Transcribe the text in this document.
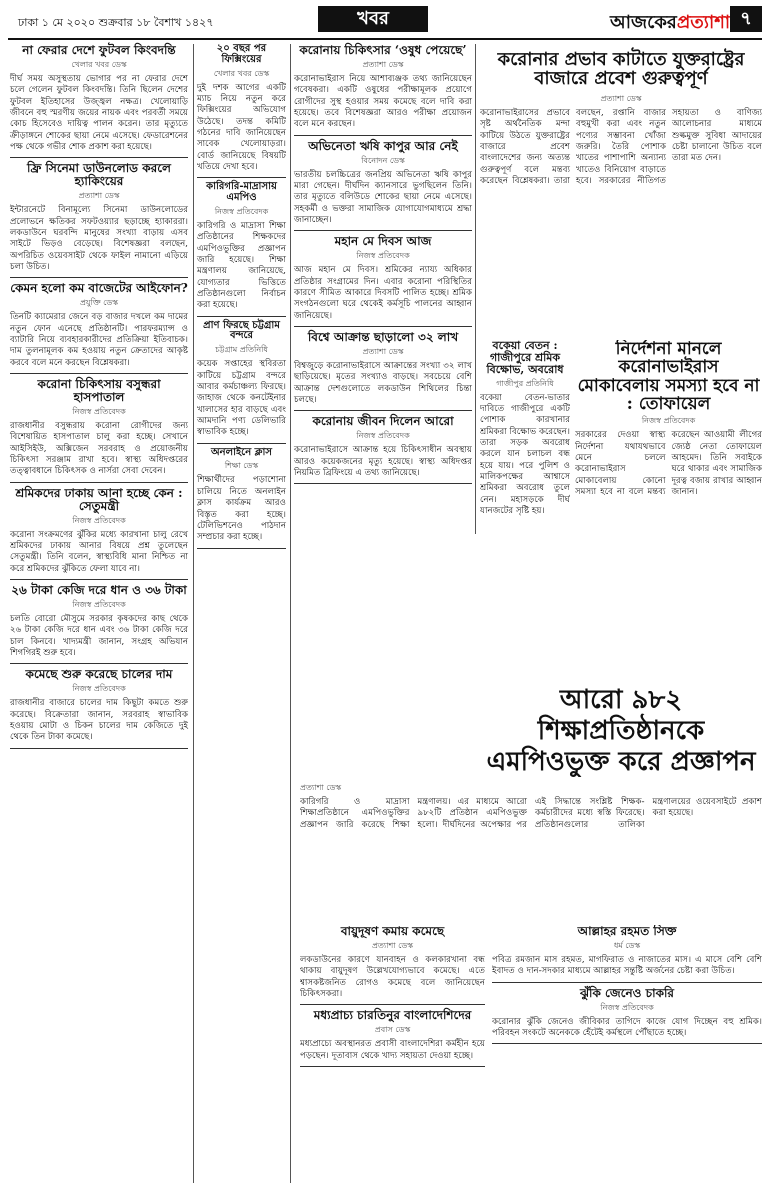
ঢাকা ১ মে ২০২০ শুক্রবার ১৮ বৈশাখ ১৪২৭	খবর	আজকেরপ্রত্যাশা ৭
না ফেরার দেশে ফুটবল কিংবদন্তি
খেলার খবর ডেস্ক
দীর্ঘ সময় অসুস্থতায় ভোগার পর না ফেরার দেশে চলে গেলেন ফুটবল কিংবদন্তি। তিনি ছিলেন দেশের ফুটবল ইতিহাসের উজ্জ্বল নক্ষত্র। খেলোয়াড়ি জীবনে বহু স্মরণীয় জয়ের নায়ক এবং পরবর্তী সময়ে কোচ হিসেবেও দায়িত্ব পালন করেন। তার মৃত্যুতে ক্রীড়াঙ্গনে শোকের ছায়া নেমে এসেছে। ফেডারেশনের পক্ষ থেকে গভীর শোক প্রকাশ করা হয়েছে।
ফ্রি সিনেমা ডাউনলোড করলে হ্যাকিংয়ের
প্রত্যাশা ডেস্ক
ইন্টারনেটে বিনামূল্যে সিনেমা ডাউনলোডের প্রলোভনে ক্ষতিকর সফটওয়্যার ছড়াচ্ছে হ্যাকাররা। লকডাউনে ঘরবন্দি মানুষের সংখ্যা বাড়ায় এসব সাইটে ভিড়ও বেড়েছে। বিশেষজ্ঞরা বলছেন, অপরিচিত ওয়েবসাইট থেকে ফাইল নামানো এড়িয়ে চলা উচিত।
কেমন হলো কম বাজেটের আইফোন?
প্রযুক্তি ডেস্ক
তিনটি ক্যামেরার জেনে বড় বাজার দখলে কম দামের নতুন ফোন এনেছে প্রতিষ্ঠানটি। পারফরম্যান্স ও ব্যাটারি নিয়ে ব্যবহারকারীদের প্রতিক্রিয়া ইতিবাচক। দাম তুলনামূলক কম হওয়ায় নতুন ক্রেতাদের আকৃষ্ট করবে বলে মনে করছেন বিশ্লেষকরা।
করোনা চিকিৎসায় বসুন্ধরা হাসপাতাল
নিজস্ব প্রতিবেদক
রাজধানীর বসুন্ধরায় করোনা রোগীদের জন্য বিশেষায়িত হাসপাতাল চালু করা হচ্ছে। সেখানে আইসিইউ, অক্সিজেন সরবরাহ ও প্রয়োজনীয় চিকিৎসা সরঞ্জাম রাখা হবে। স্বাস্থ্য অধিদপ্তরের তত্ত্বাবধানে চিকিৎসক ও নার্সরা সেবা দেবেন।
শ্রমিকদের ঢাকায় আনা হচ্ছে কেন : সেতুমন্ত্রী
নিজস্ব প্রতিবেদক
করোনা সংক্রমণের ঝুঁকির মধ্যে কারখানা চালু রেখে শ্রমিকদের ঢাকায় আনার বিষয়ে প্রশ্ন তুলেছেন সেতুমন্ত্রী। তিনি বলেন, স্বাস্থ্যবিধি মানা নিশ্চিত না করে শ্রমিকদের ঝুঁকিতে ফেলা যাবে না।
২৬ টাকা কেজি দরে ধান ও ৩৬ টাকা
নিজস্ব প্রতিবেদক
চলতি বোরো মৌসুমে সরকার কৃষকদের কাছ থেকে ২৬ টাকা কেজি দরে ধান এবং ৩৬ টাকা কেজি দরে চাল কিনবে। খাদ্যমন্ত্রী জানান, সংগ্রহ অভিযান শিগগিরই শুরু হবে।
কমেছে শুরু করেছে চালের দাম
নিজস্ব প্রতিবেদক
রাজধানীর বাজারে চালের দাম কিছুটা কমতে শুরু করেছে। বিক্রেতারা জানান, সরবরাহ স্বাভাবিক হওয়ায় মোটা ও চিকন চালের দাম কেজিতে দুই থেকে তিন টাকা কমেছে।
২০ বছর পর ফিক্সিংয়ের
খেলার খবর ডেস্ক
দুই দশক আগের একটি ম্যাচ নিয়ে নতুন করে ফিক্সিংয়ের অভিযোগ উঠেছে। তদন্ত কমিটি গঠনের দাবি জানিয়েছেন সাবেক খেলোয়াড়রা। বোর্ড জানিয়েছে বিষয়টি খতিয়ে দেখা হবে।
কারিগরি-মাদ্রাসায় এমপিও
নিজস্ব প্রতিবেদক
কারিগরি ও মাদ্রাসা শিক্ষা প্রতিষ্ঠানের শিক্ষকদের এমপিওভুক্তির প্রজ্ঞাপন জারি হয়েছে। শিক্ষা মন্ত্রণালয় জানিয়েছে, যোগ্যতার ভিত্তিতে প্রতিষ্ঠানগুলো নির্বাচন করা হয়েছে।
প্রাণ ফিরছে চট্টগ্রাম বন্দরে
চট্টগ্রাম প্রতিনিধি
কয়েক সপ্তাহের স্থবিরতা কাটিয়ে চট্টগ্রাম বন্দরে আবার কর্মচাঞ্চল্য ফিরছে। জাহাজ থেকে কনটেইনার খালাসের হার বাড়ছে এবং আমদানি পণ্য ডেলিভারি স্বাভাবিক হচ্ছে।
অনলাইনে ক্লাস
শিক্ষা ডেস্ক
শিক্ষার্থীদের পড়াশোনা চালিয়ে নিতে অনলাইন ক্লাস কার্যক্রম আরও বিস্তৃত করা হচ্ছে। টেলিভিশনেও পাঠদান সম্প্রচার করা হচ্ছে।
করোনায় চিকিৎসার ‘ওষুধ পেয়েছে’
প্রত্যাশা ডেস্ক
করোনাভাইরাস নিয়ে আশাব্যঞ্জক তথ্য জানিয়েছেন গবেষকরা। একটি ওষুধের পরীক্ষামূলক প্রয়োগে রোগীদের সুস্থ হওয়ার সময় কমেছে বলে দাবি করা হয়েছে। তবে বিশেষজ্ঞরা আরও পরীক্ষা প্রয়োজন বলে মনে করছেন।
অভিনেতা ঋষি কাপুর আর নেই
বিনোদন ডেস্ক
ভারতীয় চলচ্চিত্রের জনপ্রিয় অভিনেতা ঋষি কাপুর মারা গেছেন। দীর্ঘদিন ক্যানসারে ভুগছিলেন তিনি। তার মৃত্যুতে বলিউডে শোকের ছায়া নেমে এসেছে। সহকর্মী ও ভক্তরা সামাজিক যোগাযোগমাধ্যমে শ্রদ্ধা জানাচ্ছেন।
মহান মে দিবস আজ
নিজস্ব প্রতিবেদক
আজ মহান মে দিবস। শ্রমিকের ন্যায্য অধিকার প্রতিষ্ঠার সংগ্রামের দিন। এবার করোনা পরিস্থিতির কারণে সীমিত আকারে দিবসটি পালিত হচ্ছে। শ্রমিক সংগঠনগুলো ঘরে থেকেই কর্মসূচি পালনের আহ্বান জানিয়েছে।
বিশ্বে আক্রান্ত ছাড়ালো ৩২ লাখ
প্রত্যাশা ডেস্ক
বিশ্বজুড়ে করোনাভাইরাসে আক্রান্তের সংখ্যা ৩২ লাখ ছাড়িয়েছে। মৃতের সংখ্যাও বাড়ছে। সবচেয়ে বেশি আক্রান্ত দেশগুলোতে লকডাউন শিথিলের চিন্তা চলছে।
করোনায় জীবন দিলেন আরো
নিজস্ব প্রতিবেদক
করোনাভাইরাসে আক্রান্ত হয়ে চিকিৎসাধীন অবস্থায় আরও কয়েকজনের মৃত্যু হয়েছে। স্বাস্থ্য অধিদপ্তর নিয়মিত ব্রিফিংয়ে এ তথ্য জানিয়েছে।
করোনার প্রভাব কাটাতে যুক্তরাষ্ট্রের বাজারে প্রবেশ গুরুত্বপূর্ণ
প্রত্যাশা ডেস্ক

করোনাভাইরাসের প্রভাবে সৃষ্ট অর্থনৈতিক মন্দা কাটিয়ে উঠতে যুক্তরাষ্ট্রের বাজারে প্রবেশ বাংলাদেশের জন্য অত্যন্ত গুরুত্বপূর্ণ বলে মন্তব্য করেছেন বিশ্লেষকরা। তারা বলছেন, রপ্তানি বাজার বহুমুখী করা এবং নতুন পণ্যের সম্ভাবনা খোঁজা জরুরি। তৈরি পোশাক খাতের পাশাপাশি অন্যান্য খাতেও বিনিয়োগ বাড়াতে হবে। সরকারের নীতিগত সহায়তা ও বাণিজ্য আলোচনার মাধ্যমে শুল্কমুক্ত সুবিধা আদায়ের চেষ্টা চালানো উচিত বলে তারা মত দেন।

বকেয়া বেতন : গাজীপুরে শ্রমিক বিক্ষোভ, অবরোধ
গাজীপুর প্রতিনিধি

বকেয়া বেতন-ভাতার দাবিতে গাজীপুরে একটি পোশাক কারখানার শ্রমিকরা বিক্ষোভ করেছেন। তারা সড়ক অবরোধ করলে যান চলাচল বন্ধ হয়ে যায়। পরে পুলিশ ও মালিকপক্ষের আশ্বাসে শ্রমিকরা অবরোধ তুলে নেন। মহাসড়কে দীর্ঘ যানজটের সৃষ্টি হয়।

নির্দেশনা মানলে করোনাভাইরাস মোকাবেলায় সমস্যা হবে না : তোফায়েল
নিজস্ব প্রতিবেদক

সরকারের দেওয়া স্বাস্থ্য নির্দেশনা যথাযথভাবে মেনে চললে করোনাভাইরাস মোকাবেলায় কোনো সমস্যা হবে না বলে মন্তব্য করেছেন আওয়ামী লীগের জ্যেষ্ঠ নেতা তোফায়েল আহমেদ। তিনি সবাইকে ঘরে থাকার এবং সামাজিক দূরত্ব বজায় রাখার আহ্বান জানান।

আরো ৯৮২ শিক্ষাপ্রতিষ্ঠানকে এমপিওভুক্ত করে প্রজ্ঞাপন
প্রত্যাশা ডেস্ক

কারিগরি ও মাদ্রাসা শিক্ষাপ্রতিষ্ঠানে এমপিওভুক্তির প্রজ্ঞাপন জারি করেছে শিক্ষা মন্ত্রণালয়। এর মাধ্যমে আরো ৯৮২টি প্রতিষ্ঠান এমপিওভুক্ত হলো। দীর্ঘদিনের অপেক্ষার পর এই সিদ্ধান্তে সংশ্লিষ্ট শিক্ষক-কর্মচারীদের মধ্যে স্বস্তি ফিরেছে। প্রতিষ্ঠানগুলোর তালিকা মন্ত্রণালয়ের ওয়েবসাইটে প্রকাশ করা হয়েছে।

বায়ুদূষণ কমায় কমেছে
প্রত্যাশা ডেস্ক
লকডাউনের কারণে যানবাহন ও কলকারখানা বন্ধ থাকায় বায়ুদূষণ উল্লেখযোগ্যভাবে কমেছে। এতে শ্বাসকষ্টজনিত রোগও কমেছে বলে জানিয়েছেন চিকিৎসকরা।
মধ্যপ্রাচ্য চারতিনুর বাংলাদেশিদের
প্রবাস ডেস্ক
মধ্যপ্রাচ্যে অবস্থানরত প্রবাসী বাংলাদেশিরা কর্মহীন হয়ে পড়ছেন। দূতাবাস থেকে খাদ্য সহায়তা দেওয়া হচ্ছে।
আল্লাহর রহমত সিক্ত
ধর্ম ডেস্ক
পবিত্র রমজান মাস রহমত, মাগফিরাত ও নাজাতের মাস। এ মাসে বেশি বেশি ইবাদত ও দান-সদকার মাধ্যমে আল্লাহর সন্তুষ্টি অর্জনের চেষ্টা করা উচিত।
ঝুঁকি জেনেও চাকরি
নিজস্ব প্রতিবেদক
করোনার ঝুঁকি জেনেও জীবিকার তাগিদে কাজে যোগ দিচ্ছেন বহু শ্রমিক। পরিবহন সংকটে অনেককে হেঁটেই কর্মস্থলে পৌঁছাতে হচ্ছে।
